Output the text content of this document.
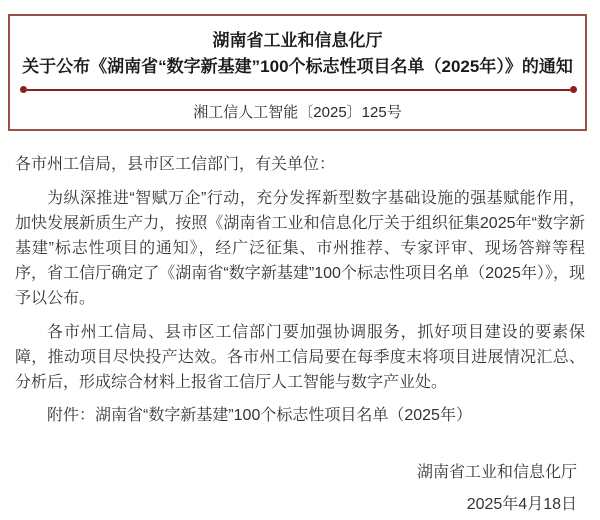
湖南省工业和信息化厅
关于公布《湖南省“数字新基建”100个标志性项目名单（2025年）》的通知
湘工信人工智能〔2025〕125号

各市州工信局，县市区工信部门，有关单位：

为纵深推进“智赋万企”行动，充分发挥新型数字基础设施的强基赋能作用，加快发展新质生产力，按照《湖南省工业和信息化厅关于组织征集2025年“数字新基建”标志性项目的通知》，经广泛征集、市州推荐、专家评审、现场答辩等程序，省工信厅确定了《湖南省“数字新基建”100个标志性项目名单（2025年）》，现予以公布。

各市州工信局、县市区工信部门要加强协调服务，抓好项目建设的要素保障，推动项目尽快投产达效。各市州工信局要在每季度末将项目进展情况汇总、分析后，形成综合材料上报省工信厅人工智能与数字产业处。

附件：湖南省“数字新基建”100个标志性项目名单（2025年）

湖南省工业和信息化厅

2025年4月18日
